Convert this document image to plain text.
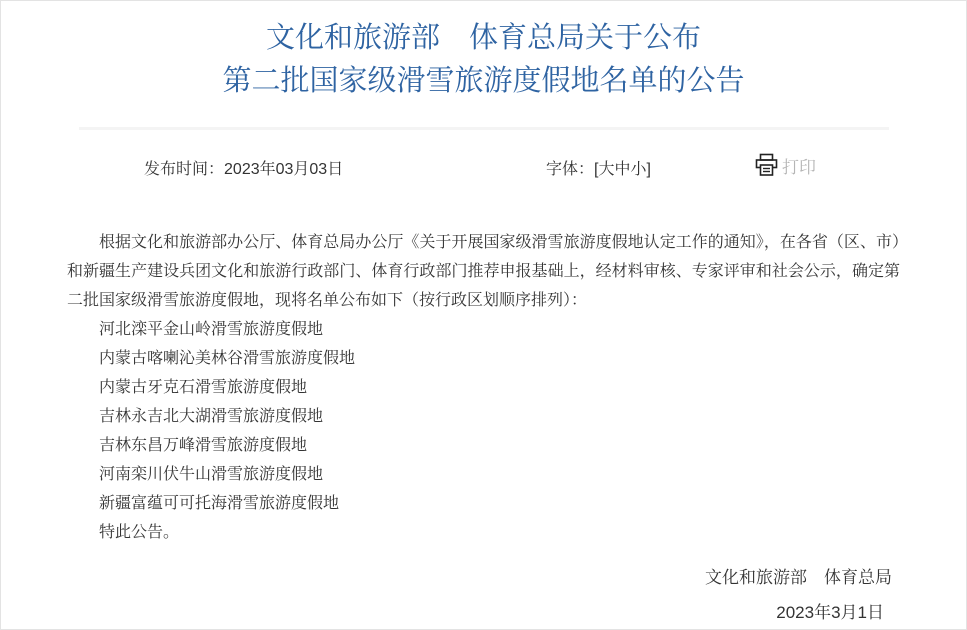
文化和旅游部　体育总局关于公布
第二批国家级滑雪旅游度假地名单的公告
发布时间：2023年03月03日	字体：[大中小]	打印

根据文化和旅游部办公厅、体育总局办公厅《关于开展国家级滑雪旅游度假地认定工作的通知》，在各省（区、市）和新疆生产建设兵团文化和旅游行政部门、体育行政部门推荐申报基础上，经材料审核、专家评审和社会公示，确定第二批国家级滑雪旅游度假地，现将名单公布如下（按行政区划顺序排列）：

河北滦平金山岭滑雪旅游度假地
内蒙古喀喇沁美林谷滑雪旅游度假地
内蒙古牙克石滑雪旅游度假地
吉林永吉北大湖滑雪旅游度假地
吉林东昌万峰滑雪旅游度假地
河南栾川伏牛山滑雪旅游度假地
新疆富蕴可可托海滑雪旅游度假地
特此公告。
文化和旅游部　体育总局
2023年3月1日
